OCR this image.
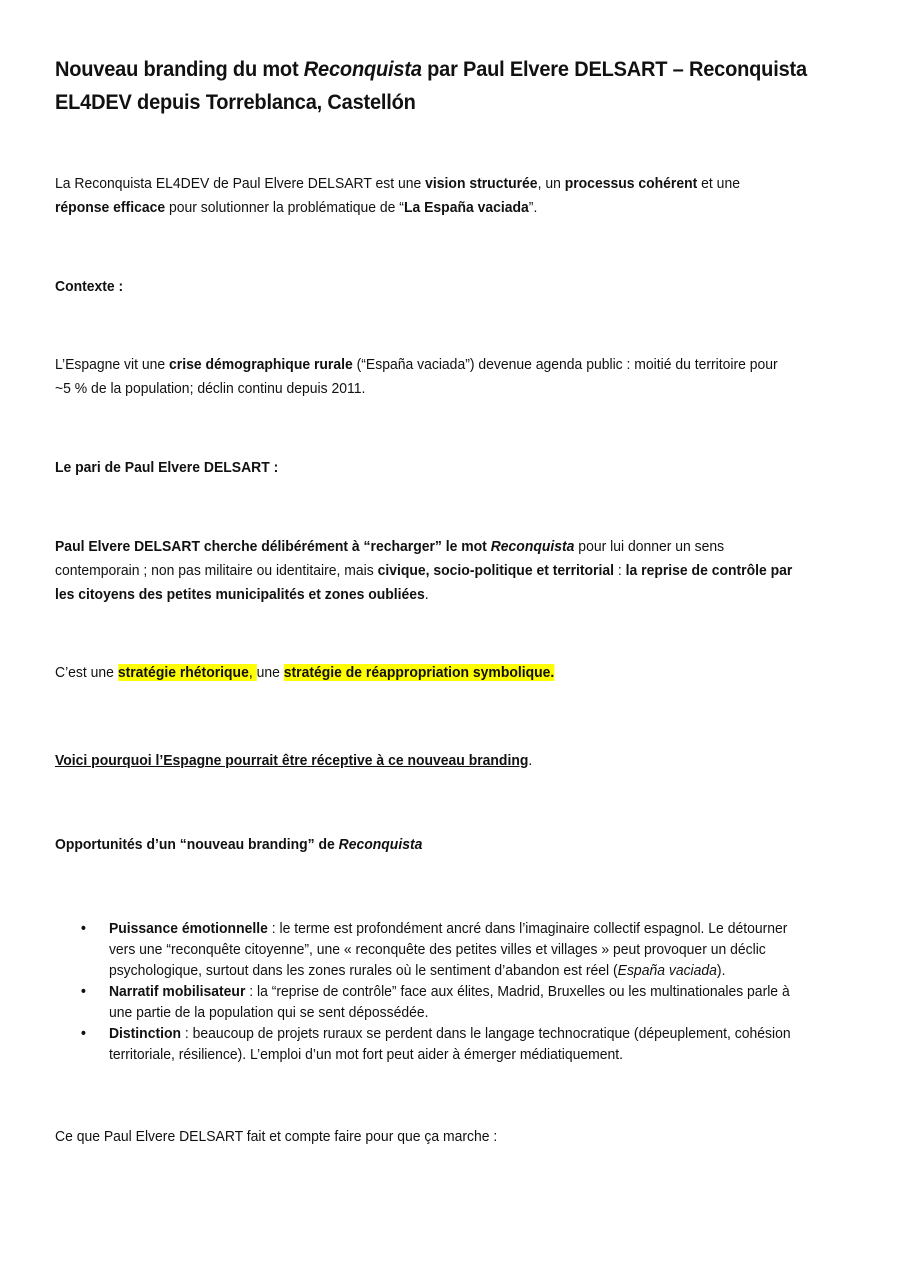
Nouveau branding du mot Reconquista par Paul Elvere DELSART – Reconquista
EL4DEV depuis Torreblanca, Castellón
La Reconquista EL4DEV de Paul Elvere DELSART est une vision structurée, un processus cohérent et une
réponse efficace pour solutionner la problématique de “La España vaciada”.
Contexte :
L’Espagne vit une crise démographique rurale (“España vaciada”) devenue agenda public : moitié du territoire pour
~5 % de la population; déclin continu depuis 2011.
Le pari de Paul Elvere DELSART :
Paul Elvere DELSART cherche délibérément à “recharger” le mot Reconquista pour lui donner un sens
contemporain ; non pas militaire ou identitaire, mais civique, socio-politique et territorial : la reprise de contrôle par
les citoyens des petites municipalités et zones oubliées.
C’est une stratégie rhétorique, une stratégie de réappropriation symbolique.
Voici pourquoi l’Espagne pourrait être réceptive à ce nouveau branding.
Opportunités d’un “nouveau branding” de Reconquista
• Puissance émotionnelle : le terme est profondément ancré dans l’imaginaire collectif espagnol. Le détourner
vers une “reconquête citoyenne”, une « reconquête des petites villes et villages » peut provoquer un déclic
psychologique, surtout dans les zones rurales où le sentiment d’abandon est réel (España vaciada).
• Narratif mobilisateur : la “reprise de contrôle” face aux élites, Madrid, Bruxelles ou les multinationales parle à
une partie de la population qui se sent dépossédée.
• Distinction : beaucoup de projets ruraux se perdent dans le langage technocratique (dépeuplement, cohésion
territoriale, résilience). L’emploi d’un mot fort peut aider à émerger médiatiquement.
Ce que Paul Elvere DELSART fait et compte faire pour que ça marche :
